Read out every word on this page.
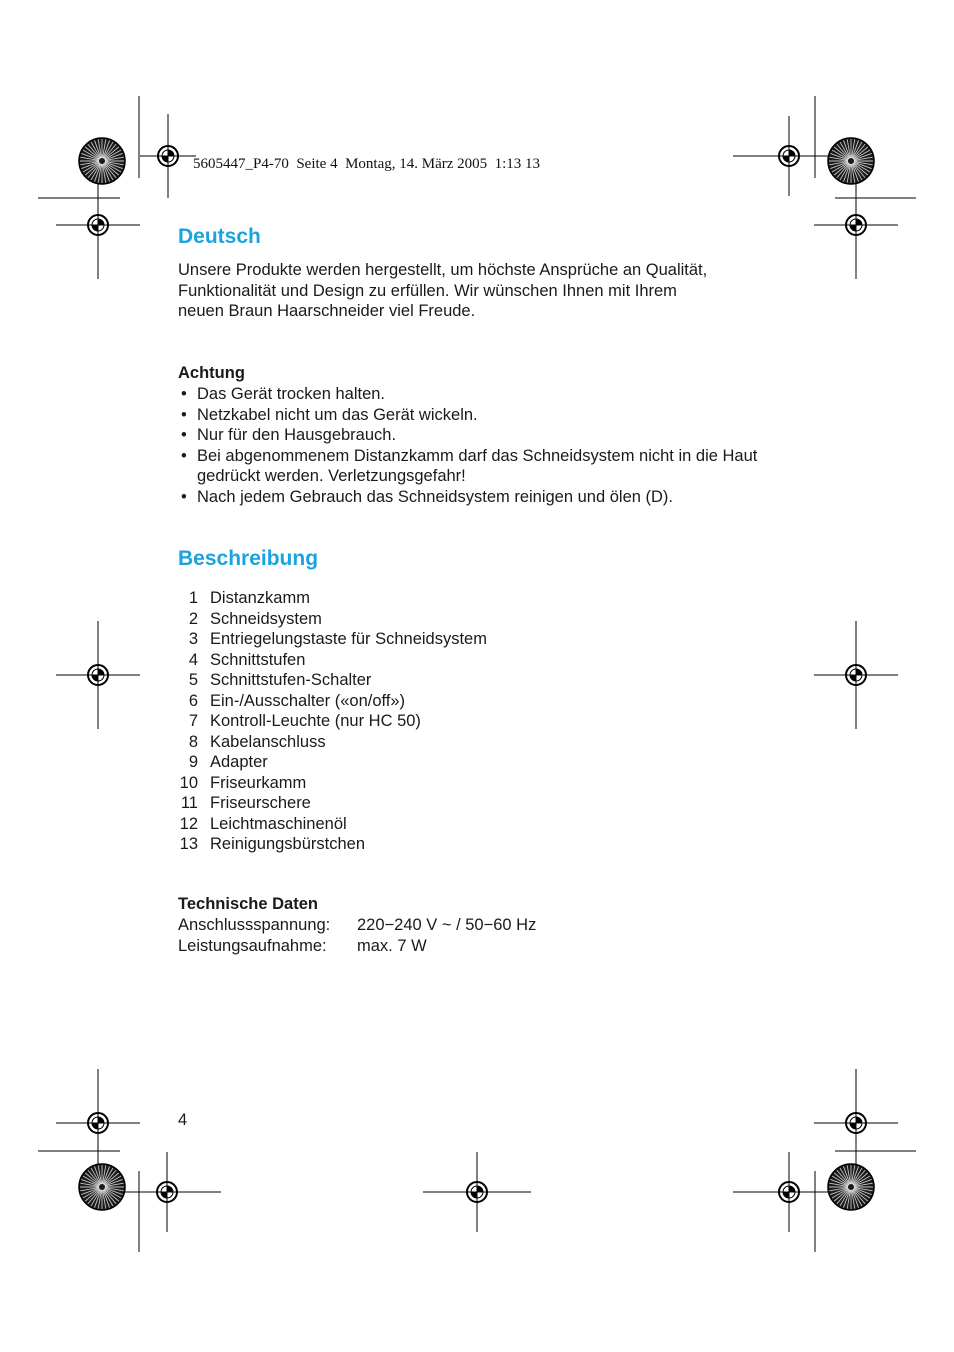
5605447_P4-70  Seite 4  Montag, 14. März 2005  1:13 13
Deutsch
Unsere Produkte werden hergestellt, um höchste Ansprüche an Qualität,
Funktionalität und Design zu erfüllen. Wir wünschen Ihnen mit Ihrem
neuen Braun Haarschneider viel Freude.
Achtung
• Das Gerät trocken halten.
• Netzkabel nicht um das Gerät wickeln.
• Nur für den Hausgebrauch.
• Bei abgenommenem Distanzkamm darf das Schneidsystem nicht in die Haut gedrückt werden. Verletzungsgefahr!
• Nach jedem Gebrauch das Schneidsystem reinigen und ölen (D).
Beschreibung
1 Distanzkamm
2 Schneidsystem
3 Entriegelungstaste für Schneidsystem
4 Schnittstufen
5 Schnittstufen-Schalter
6 Ein-/Ausschalter («on/off»)
7 Kontroll-Leuchte (nur HC 50)
8 Kabelanschluss
9 Adapter
10 Friseurkamm
11 Friseurschere
12 Leichtmaschinenöl
13 Reinigungsbürstchen
Technische Daten
Anschlussspannung:	220−240 V ~ / 50−60 Hz
Leistungsaufnahme:	max. 7 W
4
